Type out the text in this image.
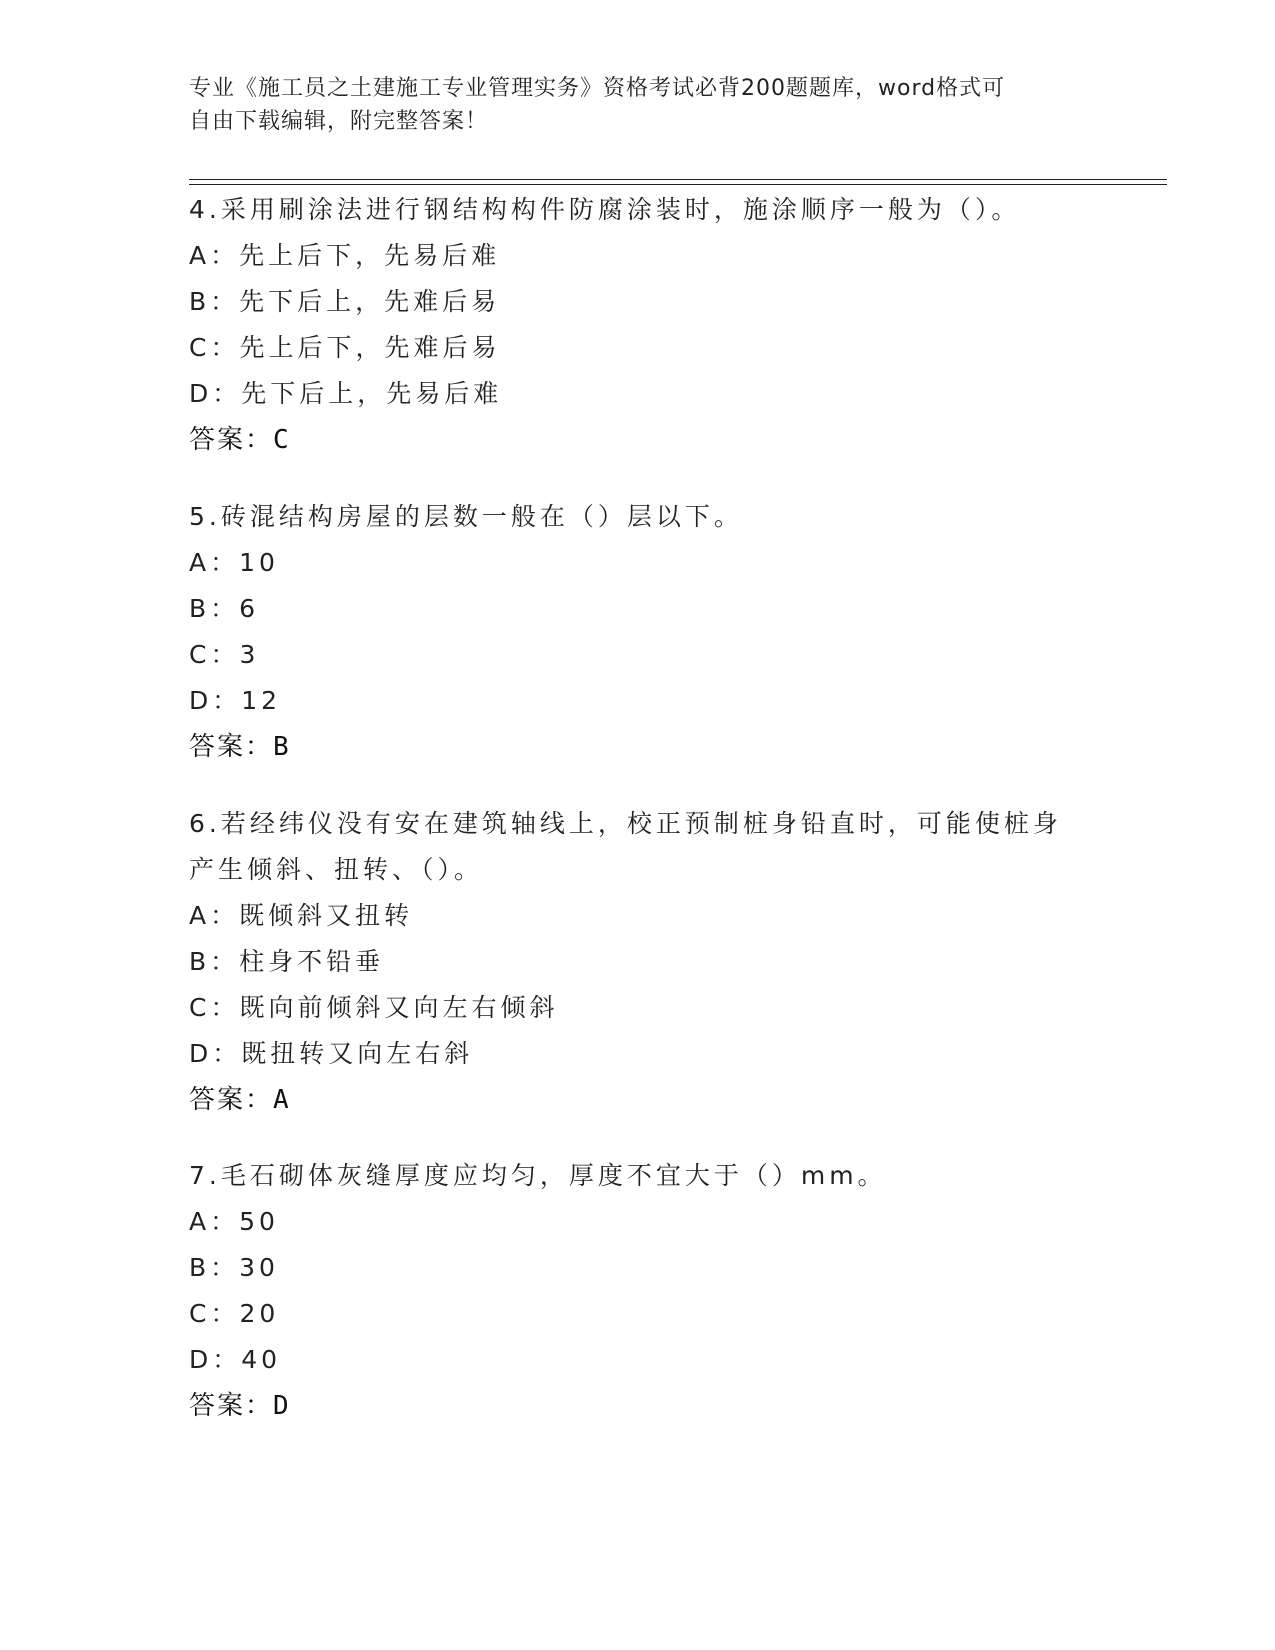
专业《施工员之土建施工专业管理实务》资格考试必背200题题库，word格式可
自由下载编辑，附完整答案！
4.采用刷涂法进行钢结构构件防腐涂装时，施涂顺序一般为（）。
A：先上后下，先易后难
B：先下后上，先难后易
C：先上后下，先难后易
D：先下后上，先易后难
答案：C
5.砖混结构房屋的层数一般在（）层以下。
A：10
B：6
C：3
D：12
答案：B
6.若经纬仪没有安在建筑轴线上，校正预制桩身铅直时，可能使桩身
产生倾斜、扭转、（）。
A：既倾斜又扭转
B：柱身不铅垂
C：既向前倾斜又向左右倾斜
D：既扭转又向左右斜
答案：A
7.毛石砌体灰缝厚度应均匀，厚度不宜大于（）mm。
A：50
B：30
C：20
D：40
答案：D
